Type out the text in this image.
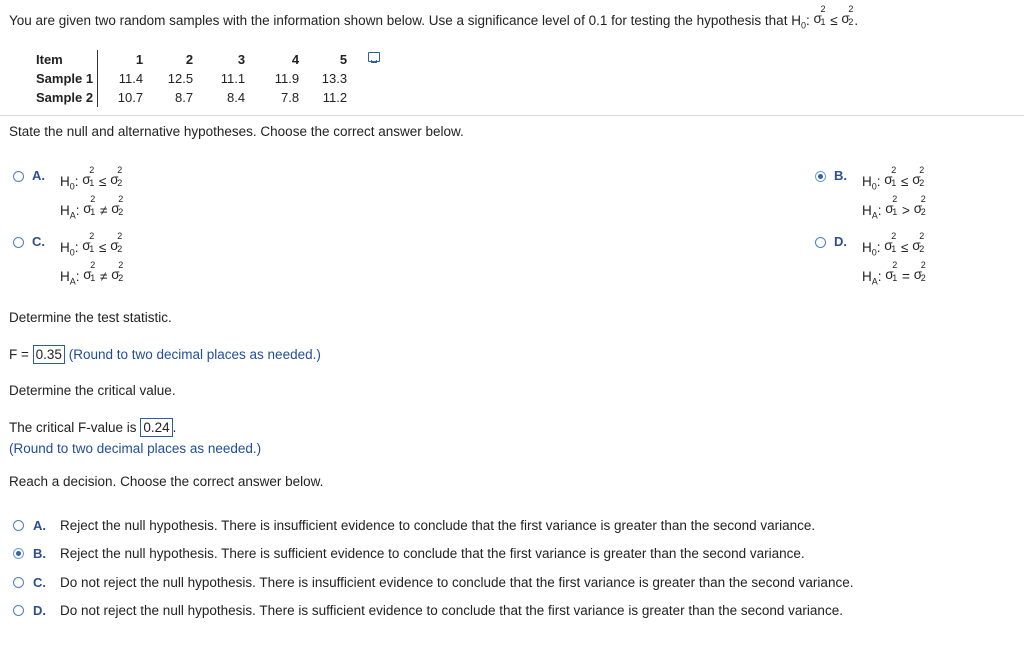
You are given two random samples with the information shown below. Use a significance level of 0.1 for testing the hypothesis that $H_0$: σ
2
1 ≤ σ
2
2 .
Item	1	2	3	4	5
Sample 1	11.4	12.5	11.1	11.9	13.3
Sample 2	10.7	8.7	8.4	7.8	11.2
State the null and alternative hypotheses. Choose the correct answer below.
A. $H_0$: σ
2
1 ≤ σ
2
2
$H_A$: σ
2
1 ≠ σ
2
2
B. $H_0$: σ
2
1 ≤ σ
2
2
$H_A$: σ
2
1 > σ
2
2
C. $H_0$: σ
2
1 ≤ σ
2
2
$H_A$: σ
2
1 ≠ σ
2
2
D. $H_0$: σ
2
1 ≤ σ
2
2
$H_A$: σ
2
1 = σ
2
2
Determine the test statistic.
F = 0.35 (Round to two decimal places as needed.)
Determine the critical value.
The critical F-value is 0.24 .
(Round to two decimal places as needed.)
Reach a decision. Choose the correct answer below.
A. Reject the null hypothesis. There is insufficient evidence to conclude that the first variance is greater than the second variance.
B. Reject the null hypothesis. There is sufficient evidence to conclude that the first variance is greater than the second variance.
C. Do not reject the null hypothesis. There is insufficient evidence to conclude that the first variance is greater than the second variance.
D. Do not reject the null hypothesis. There is sufficient evidence to conclude that the first variance is greater than the second variance.
